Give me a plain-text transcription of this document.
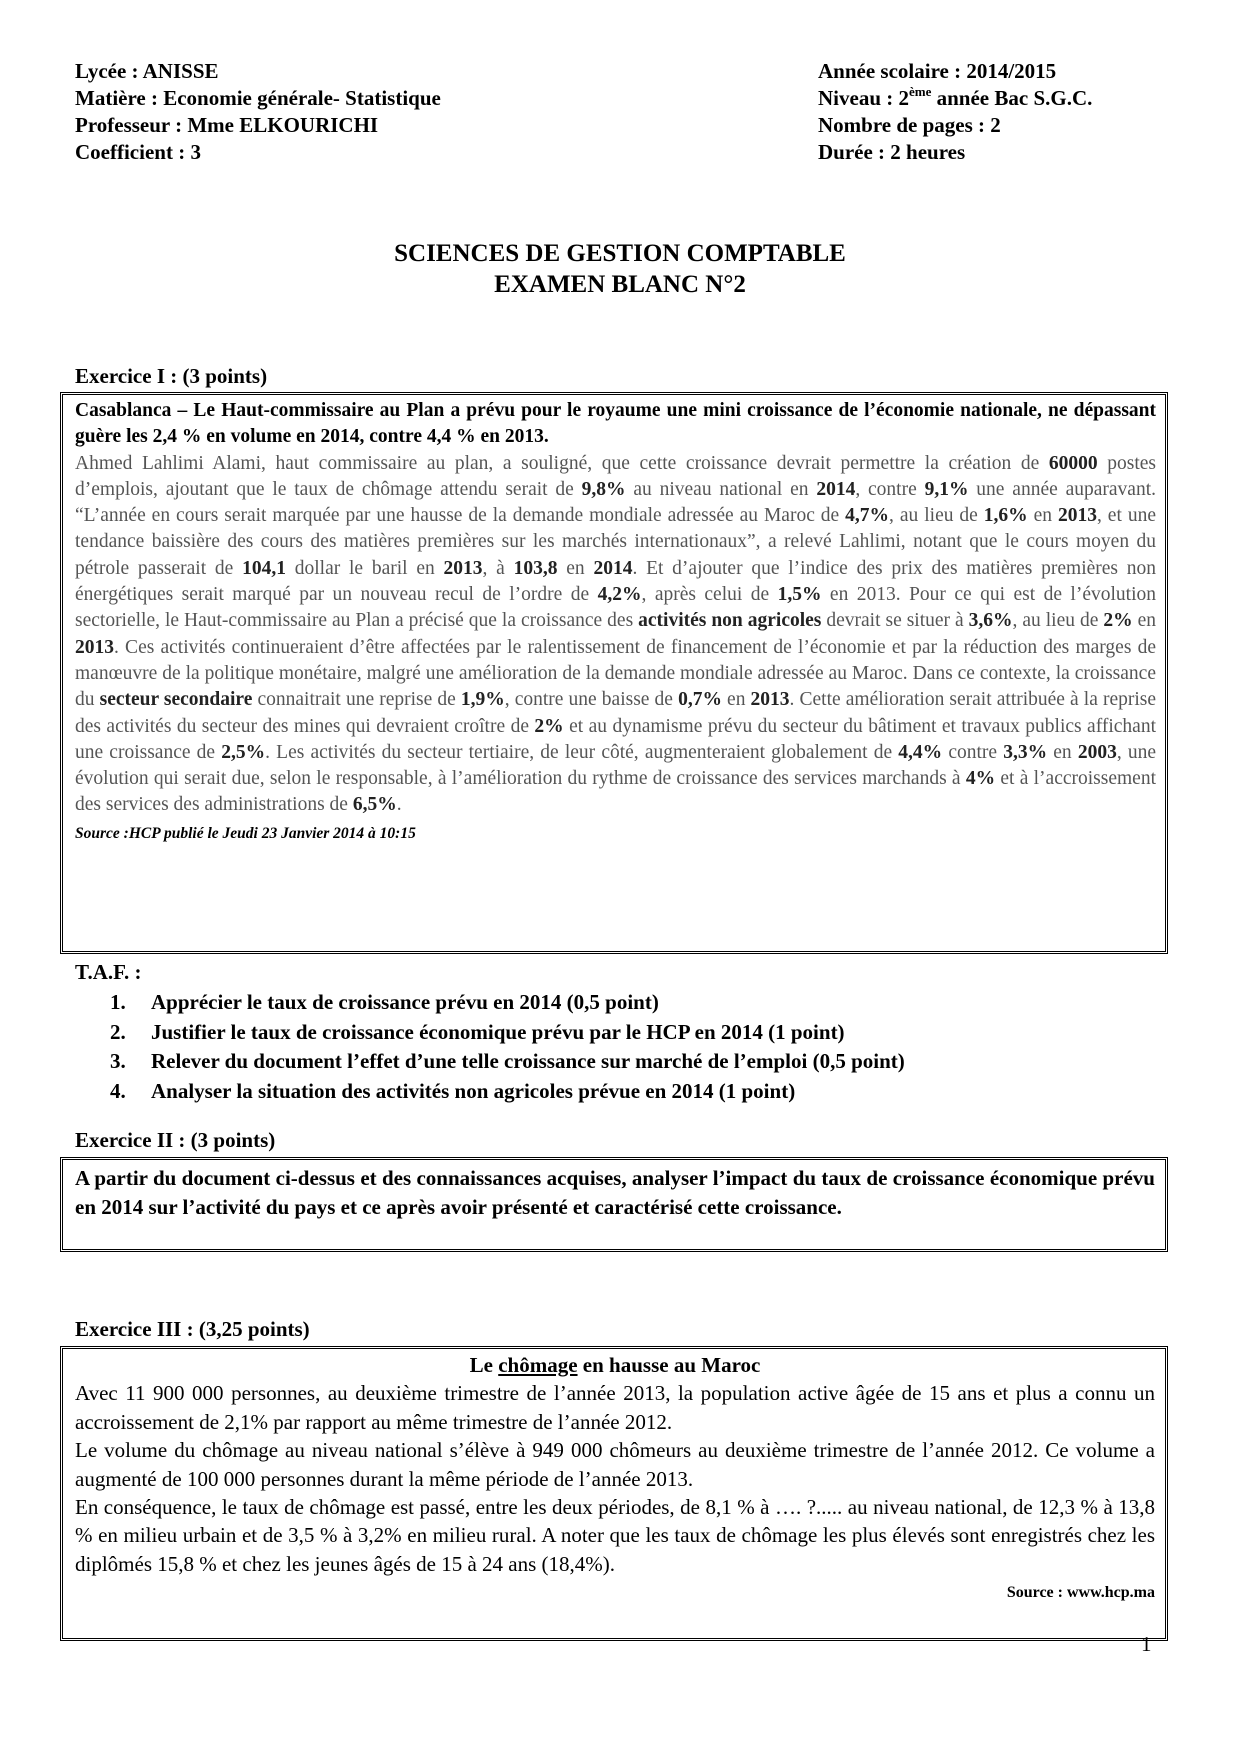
Lycée : ANISSE
Matière : Economie générale- Statistique
Professeur : Mme ELKOURICHI
Coefficient : 3
Année scolaire : 2014/2015
Niveau : 2ème année Bac S.G.C.
Nombre de pages : 2
Durée : 2 heures
SCIENCES DE GESTION COMPTABLE
EXAMEN BLANC N°2
Exercice I : (3 points)

Casablanca – Le Haut-commissaire au Plan a prévu pour le royaume une mini croissance de l’économie nationale, ne dépassant guère les 2,4 % en volume en 2014, contre 4,4 % en 2013.

Ahmed Lahlimi Alami, haut commissaire au plan, a souligné, que cette croissance devrait permettre la création de 60000 postes d’emplois, ajoutant que le taux de chômage attendu serait de 9,8% au niveau national en 2014, contre 9,1% une année auparavant. “L’année en cours serait marquée par une hausse de la demande mondiale adressée au Maroc de 4,7%, au lieu de 1,6% en 2013, et une tendance baissière des cours des matières premières sur les marchés internationaux”, a relevé Lahlimi, notant que le cours moyen du pétrole passerait de 104,1 dollar le baril en 2013, à 103,8 en 2014. Et d’ajouter que l’indice des prix des matières premières non énergétiques serait marqué par un nouveau recul de l’ordre de 4,2%, après celui de 1,5% en 2013. Pour ce qui est de l’évolution sectorielle, le Haut-commissaire au Plan a précisé que la croissance des activités non agricoles devrait se situer à 3,6%, au lieu de 2% en 2013. Ces activités continueraient d’être affectées par le ralentissement de financement de l’économie et par la réduction des marges de manœuvre de la politique monétaire, malgré une amélioration de la demande mondiale adressée au Maroc. Dans ce contexte, la croissance du secteur secondaire connaitrait une reprise de 1,9%, contre une baisse de 0,7% en 2013. Cette amélioration serait attribuée à la reprise des activités du secteur des mines qui devraient croître de 2% et au dynamisme prévu du secteur du bâtiment et travaux publics affichant une croissance de 2,5%. Les activités du secteur tertiaire, de leur côté, augmenteraient globalement de 4,4% contre 3,3% en 2003, une évolution qui serait due, selon le responsable, à l’amélioration du rythme de croissance des services marchands à 4% et à l’accroissement des services des administrations de 6,5%.

Source :HCP publié le Jeudi 23 Janvier 2014 à 10:15

T.A.F. :
1. Apprécier le taux de croissance prévu en 2014 (0,5 point)
2. Justifier le taux de croissance économique prévu par le HCP en 2014 (1 point)
3. Relever du document l’effet d’une telle croissance sur marché de l’emploi (0,5 point)
4. Analyser la situation des activités non agricoles prévue en 2014 (1 point)
Exercice II : (3 points)
A partir du document ci-dessus et des connaissances acquises, analyser l’impact du taux de croissance économique prévu en 2014 sur l’activité du pays et ce après avoir présenté et caractérisé cette croissance.
Exercice III : (3,25 points)
Le chômage en hausse au Maroc

Avec 11 900 000 personnes, au deuxième trimestre de l’année 2013, la population active âgée de 15 ans et plus a connu un accroissement de 2,1% par rapport au même trimestre de l’année 2012.

Le volume du chômage au niveau national s’élève à 949 000 chômeurs au deuxième trimestre de l’année 2012. Ce volume a augmenté de 100 000 personnes durant la même période de l’année 2013.

En conséquence, le taux de chômage est passé, entre les deux périodes, de 8,1 % à …. ?..... au niveau national, de 12,3 % à 13,8 % en milieu urbain et de 3,5 % à 3,2% en milieu rural. A noter que les taux de chômage les plus élevés sont enregistrés chez les diplômés 15,8 % et chez les jeunes âgés de 15 à 24 ans (18,4%).

Source : www.hcp.ma
1
